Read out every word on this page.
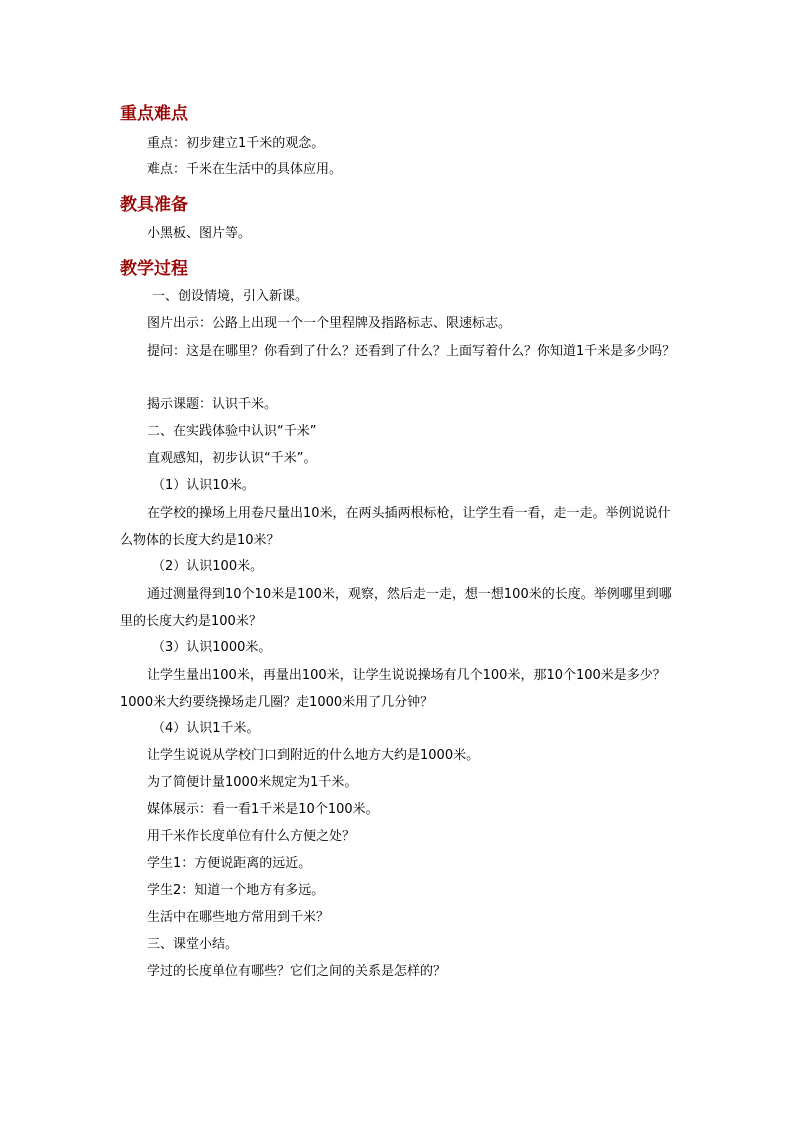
重点难点
重点：初步建立1千米的观念。
难点：千米在生活中的具体应用。
教具准备
小黑板、图片等。
教学过程
一、创设情境，引入新课。
图片出示：公路上出现一个一个里程牌及指路标志、限速标志。
提问：这是在哪里？你看到了什么？还看到了什么？上面写着什么？你知道1千米是多少吗？
揭示课题：认识千米。
二、在实践体验中认识“千米”
直观感知，初步认识“千米”。
（1）认识10米。
在学校的操场上用卷尺量出10米，在两头插两根标枪，让学生看一看，走一走。举例说说什么物体的长度大约是10米？
（2）认识100米。
通过测量得到10个10米是100米，观察，然后走一走，想一想100米的长度。举例哪里到哪里的长度大约是100米？
（3）认识1000米。
让学生量出100米，再量出100米，让学生说说操场有几个100米，那10个100米是多少？1000米大约要绕操场走几圈？走1000米用了几分钟？
（4）认识1千米。
让学生说说从学校门口到附近的什么地方大约是1000米。
为了简便计量1000米规定为1千米。
媒体展示：看一看1千米是10个100米。
用千米作长度单位有什么方便之处？
学生1：方便说距离的远近。
学生2：知道一个地方有多远。
生活中在哪些地方常用到千米？
三、课堂小结。
学过的长度单位有哪些？它们之间的关系是怎样的？
